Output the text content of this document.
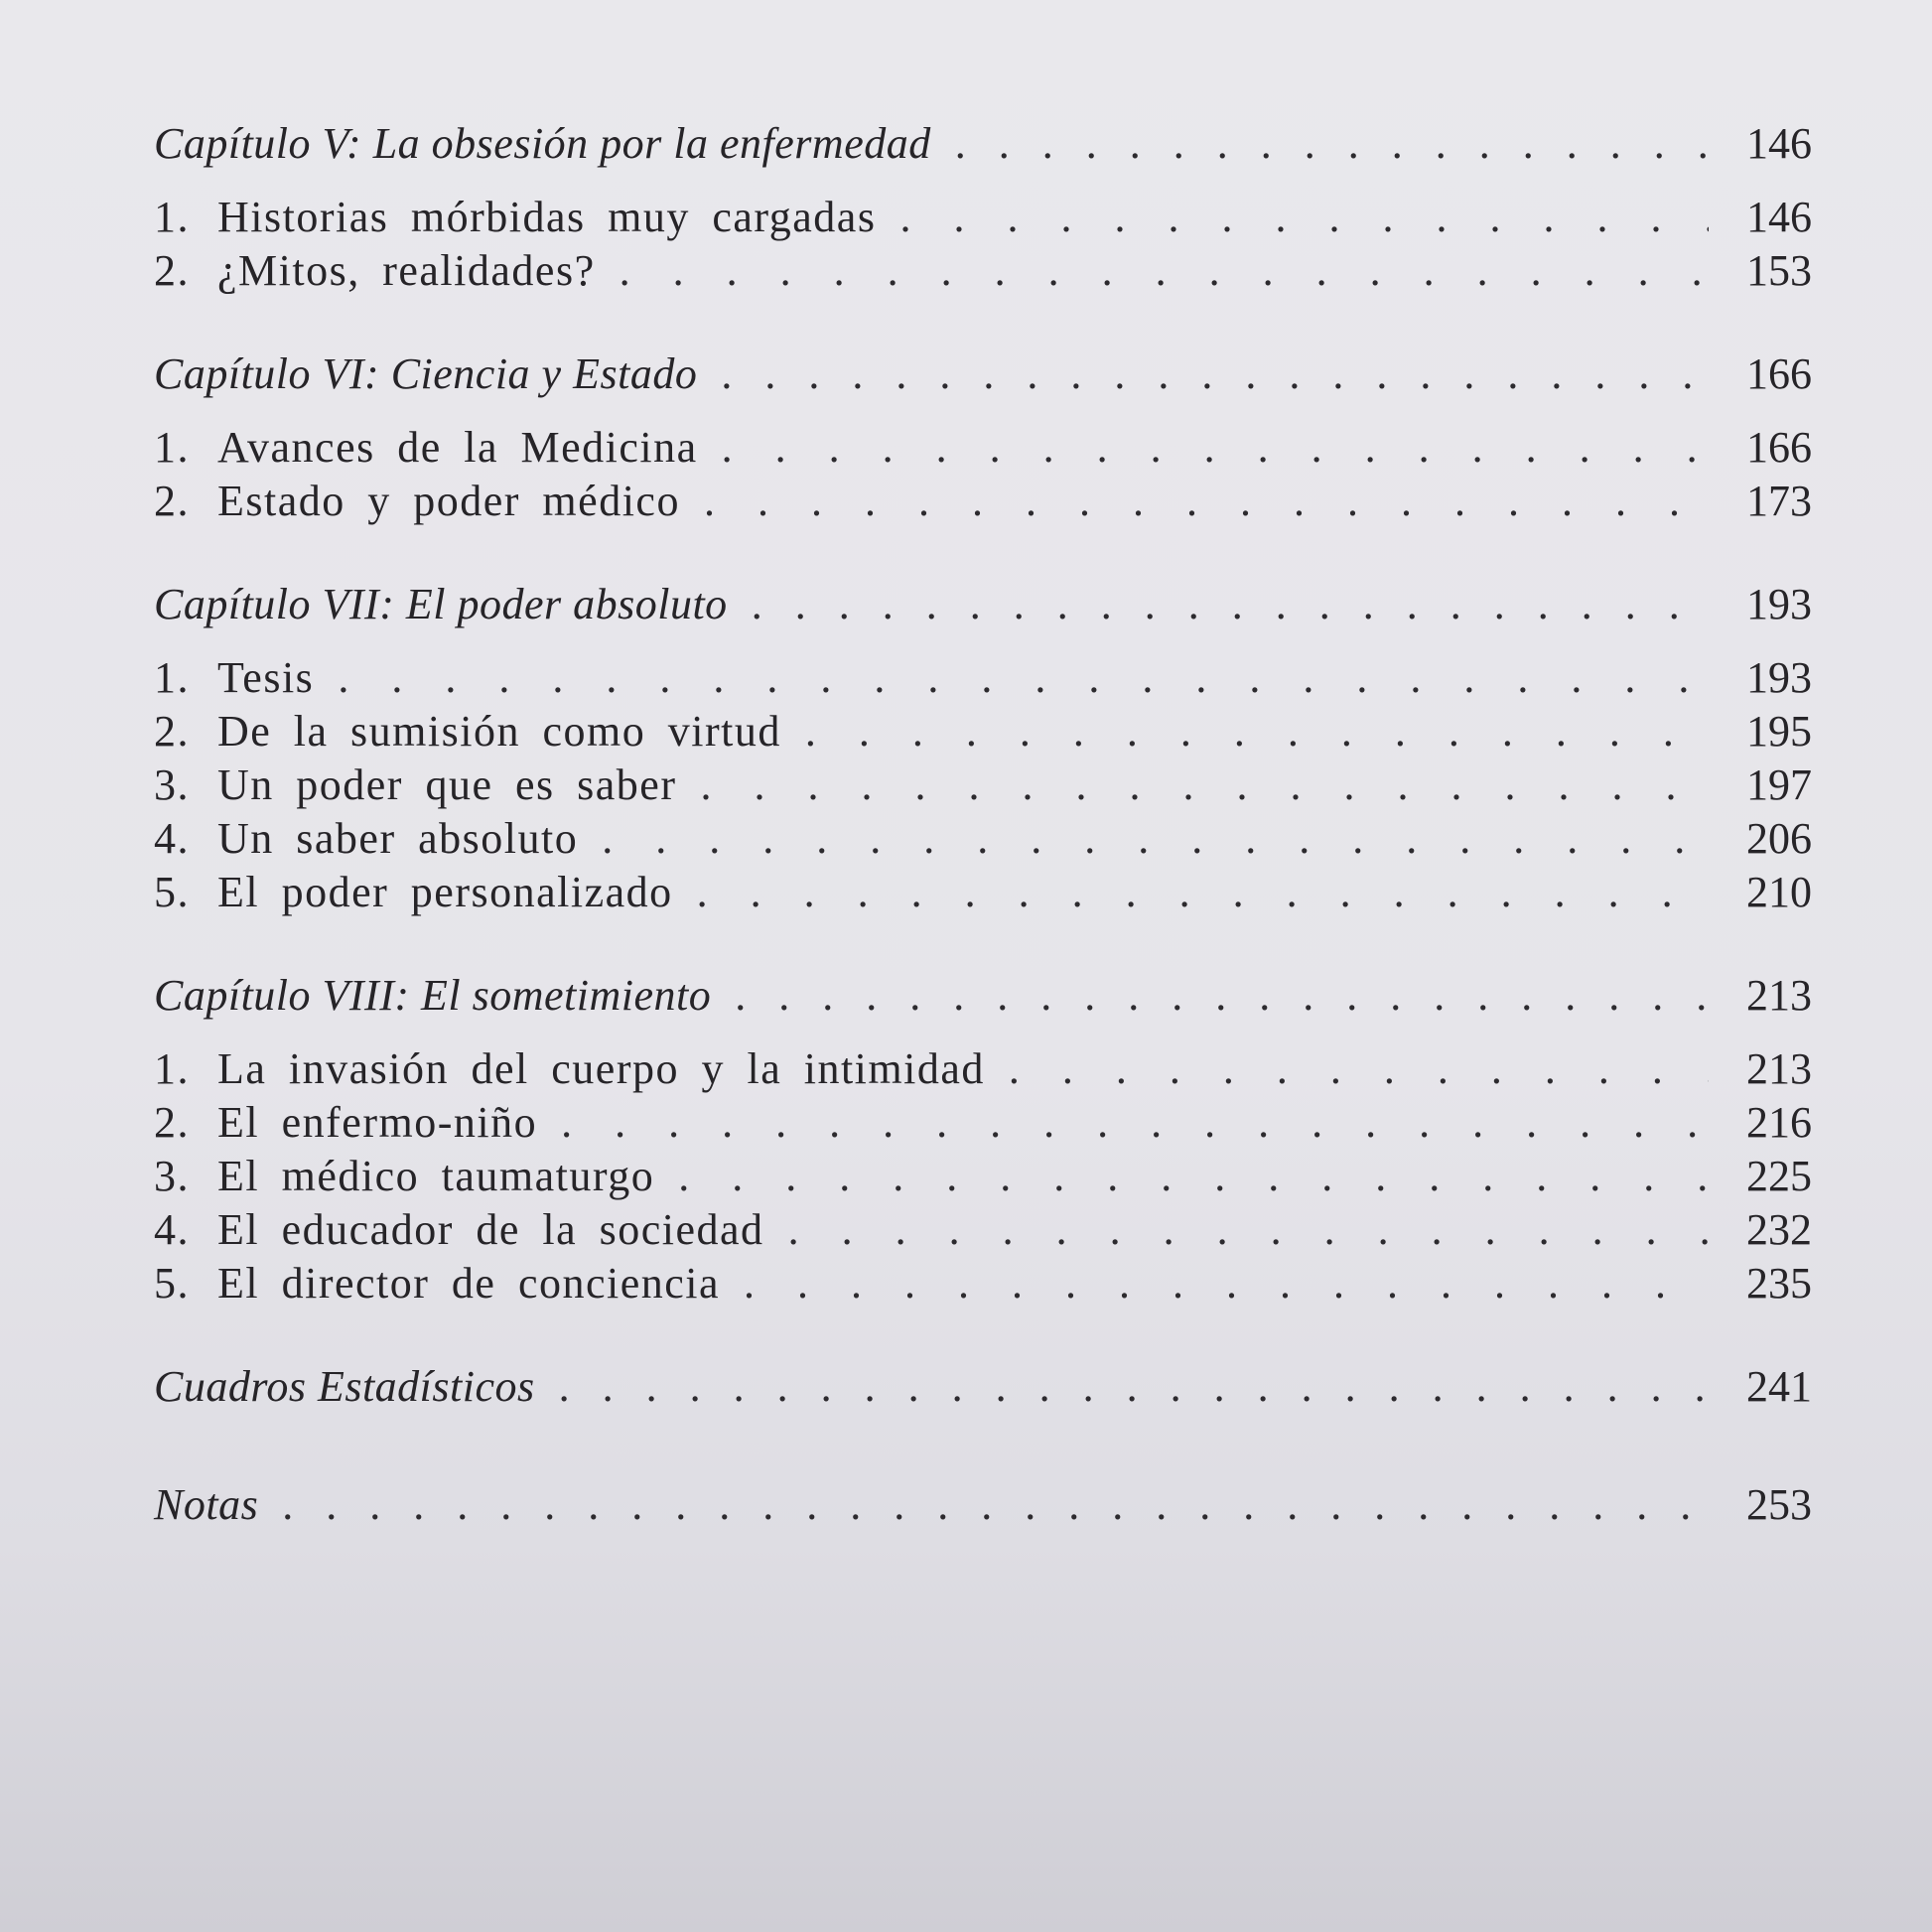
Capítulo V: La obsesión por la enfermedad . . .	146
1. Historias mórbidas muy cargadas . . .	146
2. ¿Mitos, realidades? . . .	153
Capítulo VI: Ciencia y Estado . . .	166
1. Avances de la Medicina . . .	166
2. Estado y poder médico . . .	173
Capítulo VII: El poder absoluto . . .	193
1. Tesis . . .	193
2. De la sumisión como virtud . . .	195
3. Un poder que es saber . . .	197
4. Un saber absoluto . . .	206
5. El poder personalizado . . .	210
Capítulo VIII: El sometimiento . . .	213
1. La invasión del cuerpo y la intimidad . . .	213
2. El enfermo-niño . . .	216
3. El médico taumaturgo . . .	225
4. El educador de la sociedad . . .	232
5. El director de conciencia . . .	235
Cuadros Estadísticos . . .	241
Notas . . .	253
